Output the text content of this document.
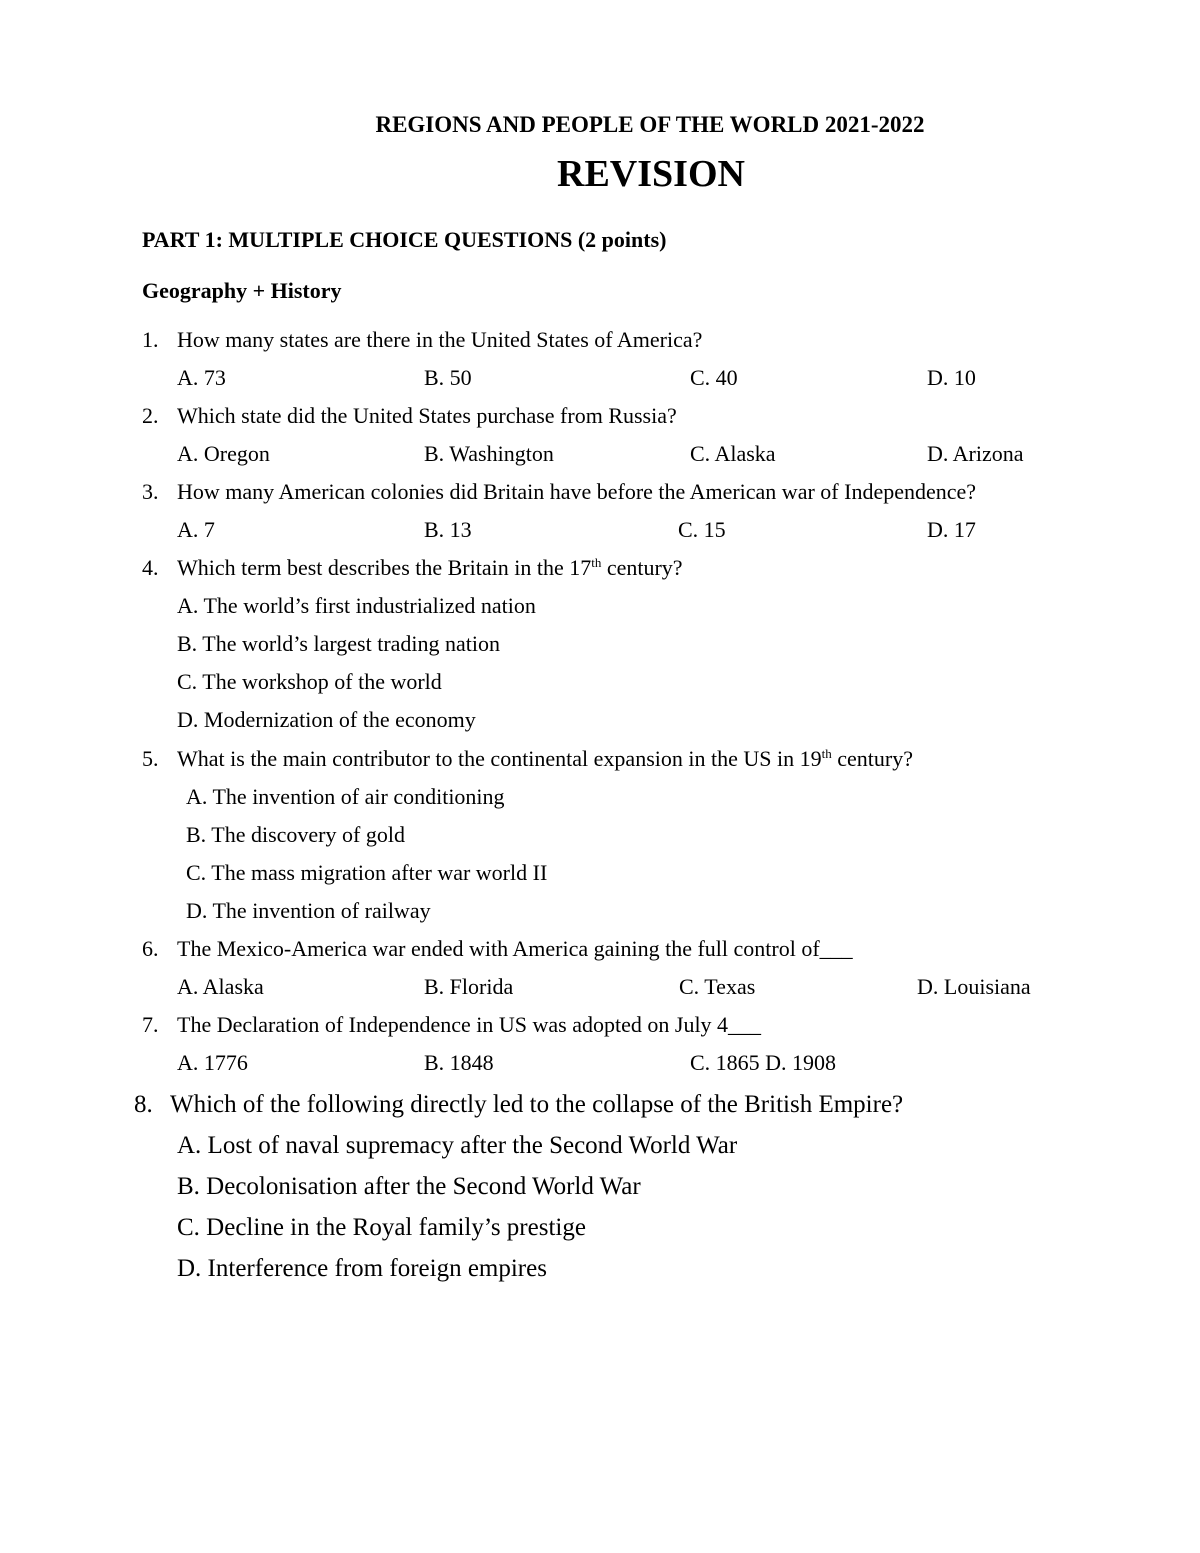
REGIONS AND PEOPLE OF THE WORLD 2021-2022
REVISION
PART 1: MULTIPLE CHOICE QUESTIONS (2 points)
Geography + History
1. How many states are there in the United States of America?
A. 73	B. 50	C. 40	D. 10
2. Which state did the United States purchase from Russia?
A. Oregon	B. Washington	C. Alaska	D. Arizona
3. How many American colonies did Britain have before the American war of Independence?
A. 7	B. 13	C. 15	D. 17
4. Which term best describes the Britain in the 17th century?
A. The world’s first industrialized nation
B. The world’s largest trading nation
C. The workshop of the world
D. Modernization of the economy
5. What is the main contributor to the continental expansion in the US in 19th century?
A. The invention of air conditioning
B. The discovery of gold
C. The mass migration after war world II
D. The invention of railway
6. The Mexico-America war ended with America gaining the full control of___
A. Alaska	B. Florida	C. Texas	D. Louisiana
7. The Declaration of Independence in US was adopted on July 4___
A. 1776	B. 1848	C. 1865 D. 1908
8. Which of the following directly led to the collapse of the British Empire?
A. Lost of naval supremacy after the Second World War
B. Decolonisation after the Second World War
C. Decline in the Royal family’s prestige
D. Interference from foreign empires
